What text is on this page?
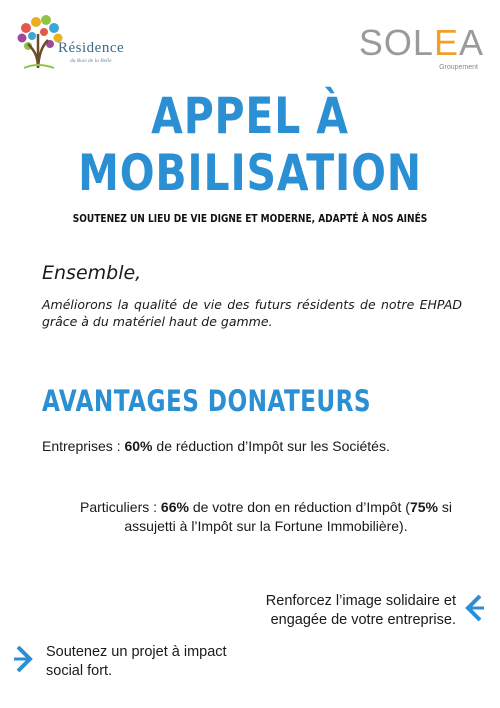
Résidence
du Bois de la Belle	SOLEA
Groupement
APPEL À
MOBILISATION
SOUTENEZ UN LIEU DE VIE DIGNE ET MODERNE, ADAPTÉ À NOS AINÉS
Ensemble,
Améliorons la qualité de vie des futurs résidents de notre EHPAD grâce à du matériel haut de gamme.
AVANTAGES DONATEURS
Entreprises : 60% de réduction d’Impôt sur les Sociétés.
Particuliers : 66% de votre don en réduction d’Impôt (75% si assujetti à l’Impôt sur la Fortune Immobilière).
Renforcez l’image solidaire et engagée de votre entreprise.
Soutenez un projet à impact social fort.
